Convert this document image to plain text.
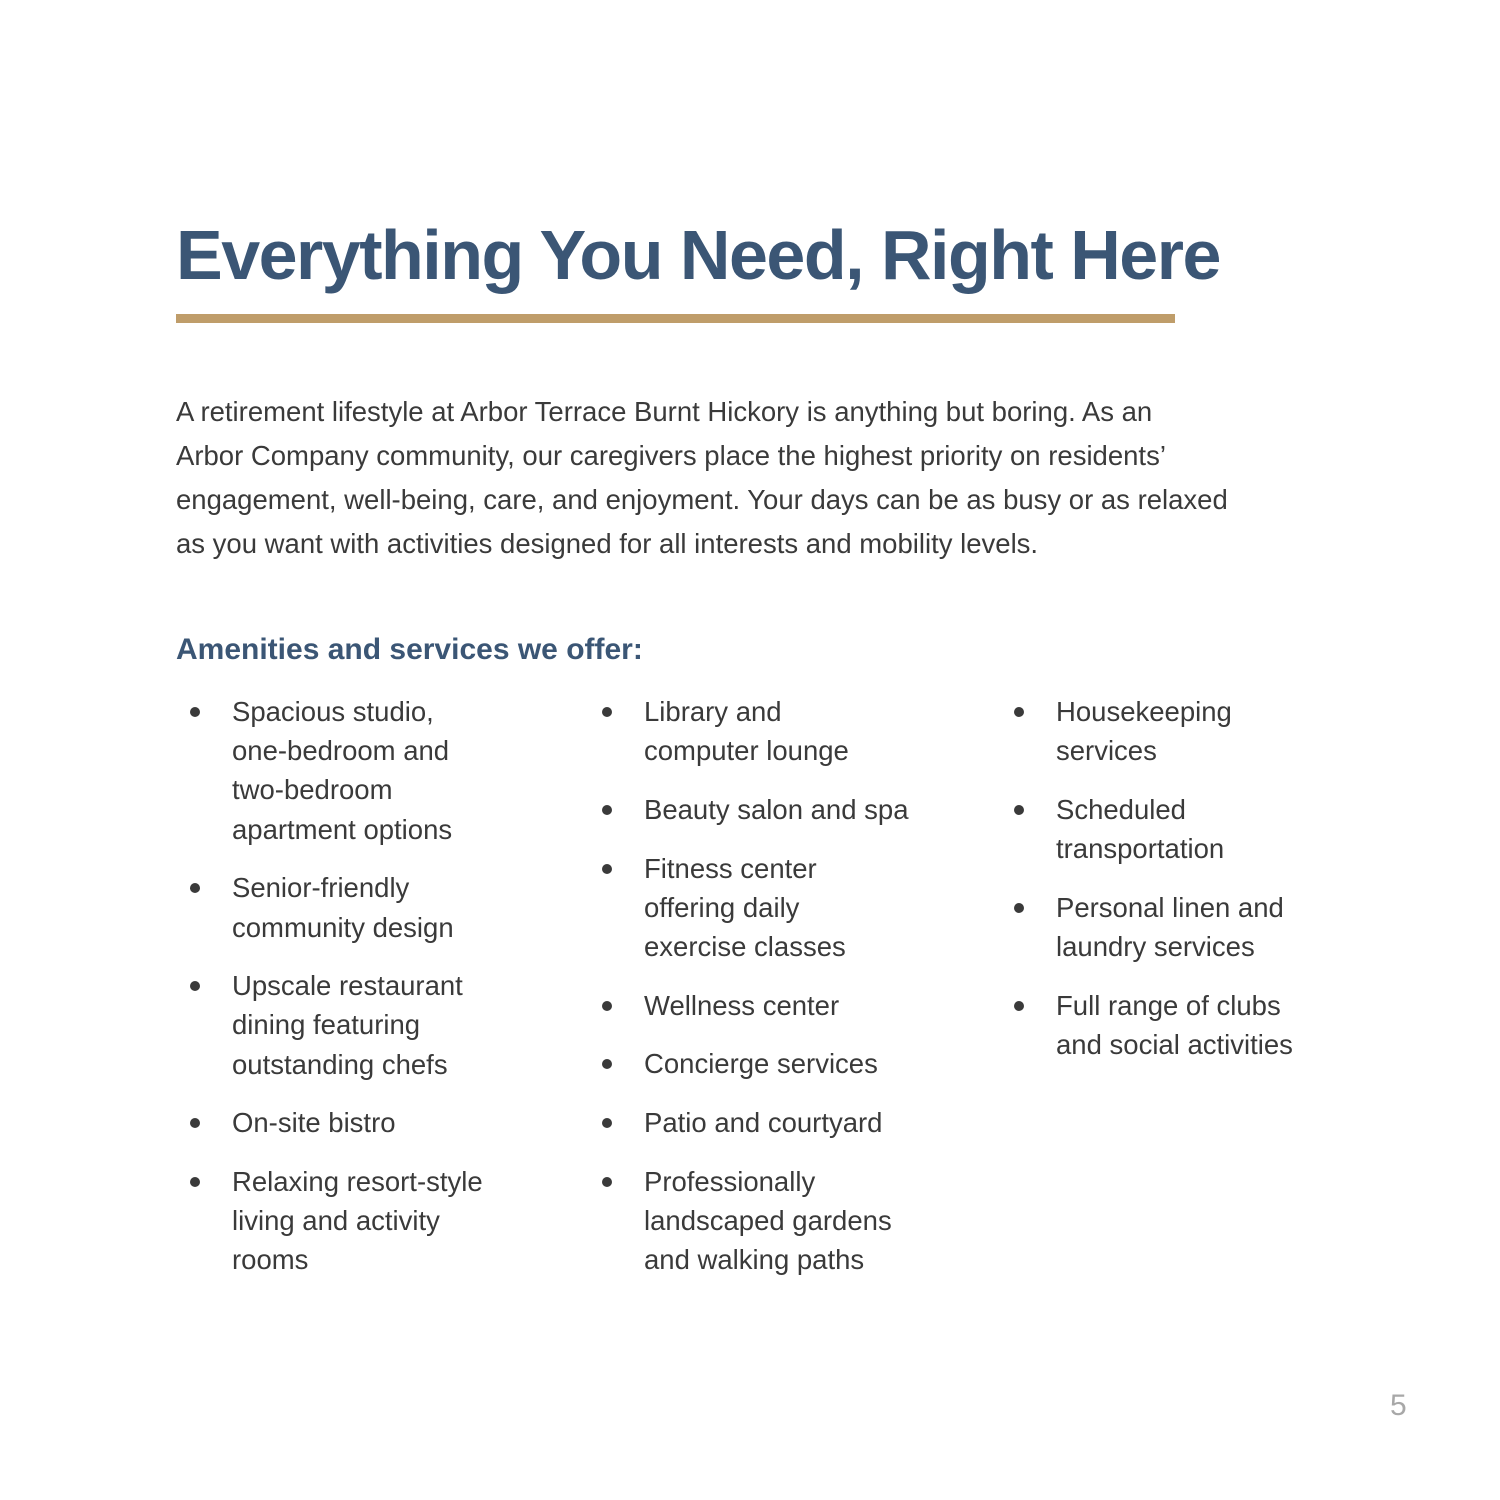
Everything You Need, Right Here

A retirement lifestyle at Arbor Terrace Burnt Hickory is anything but boring. As an
Arbor Company community, our caregivers place the highest priority on residents’
engagement, well-being, care, and enjoyment. Your days can be as busy or as relaxed
as you want with activities designed for all interests and mobility levels.

Amenities and services we offer:
Spacious studio,
one-bedroom and
two-bedroom
apartment options
Senior-friendly
community design
Upscale restaurant
dining featuring
outstanding chefs
On-site bistro
Relaxing resort-style
living and activity
rooms
Library and
computer lounge
Beauty salon and spa
Fitness center
offering daily
exercise classes
Wellness center
Concierge services
Patio and courtyard
Professionally
landscaped gardens
and walking paths
Housekeeping
services
Scheduled
transportation
Personal linen and
laundry services
Full range of clubs
and social activities
5
